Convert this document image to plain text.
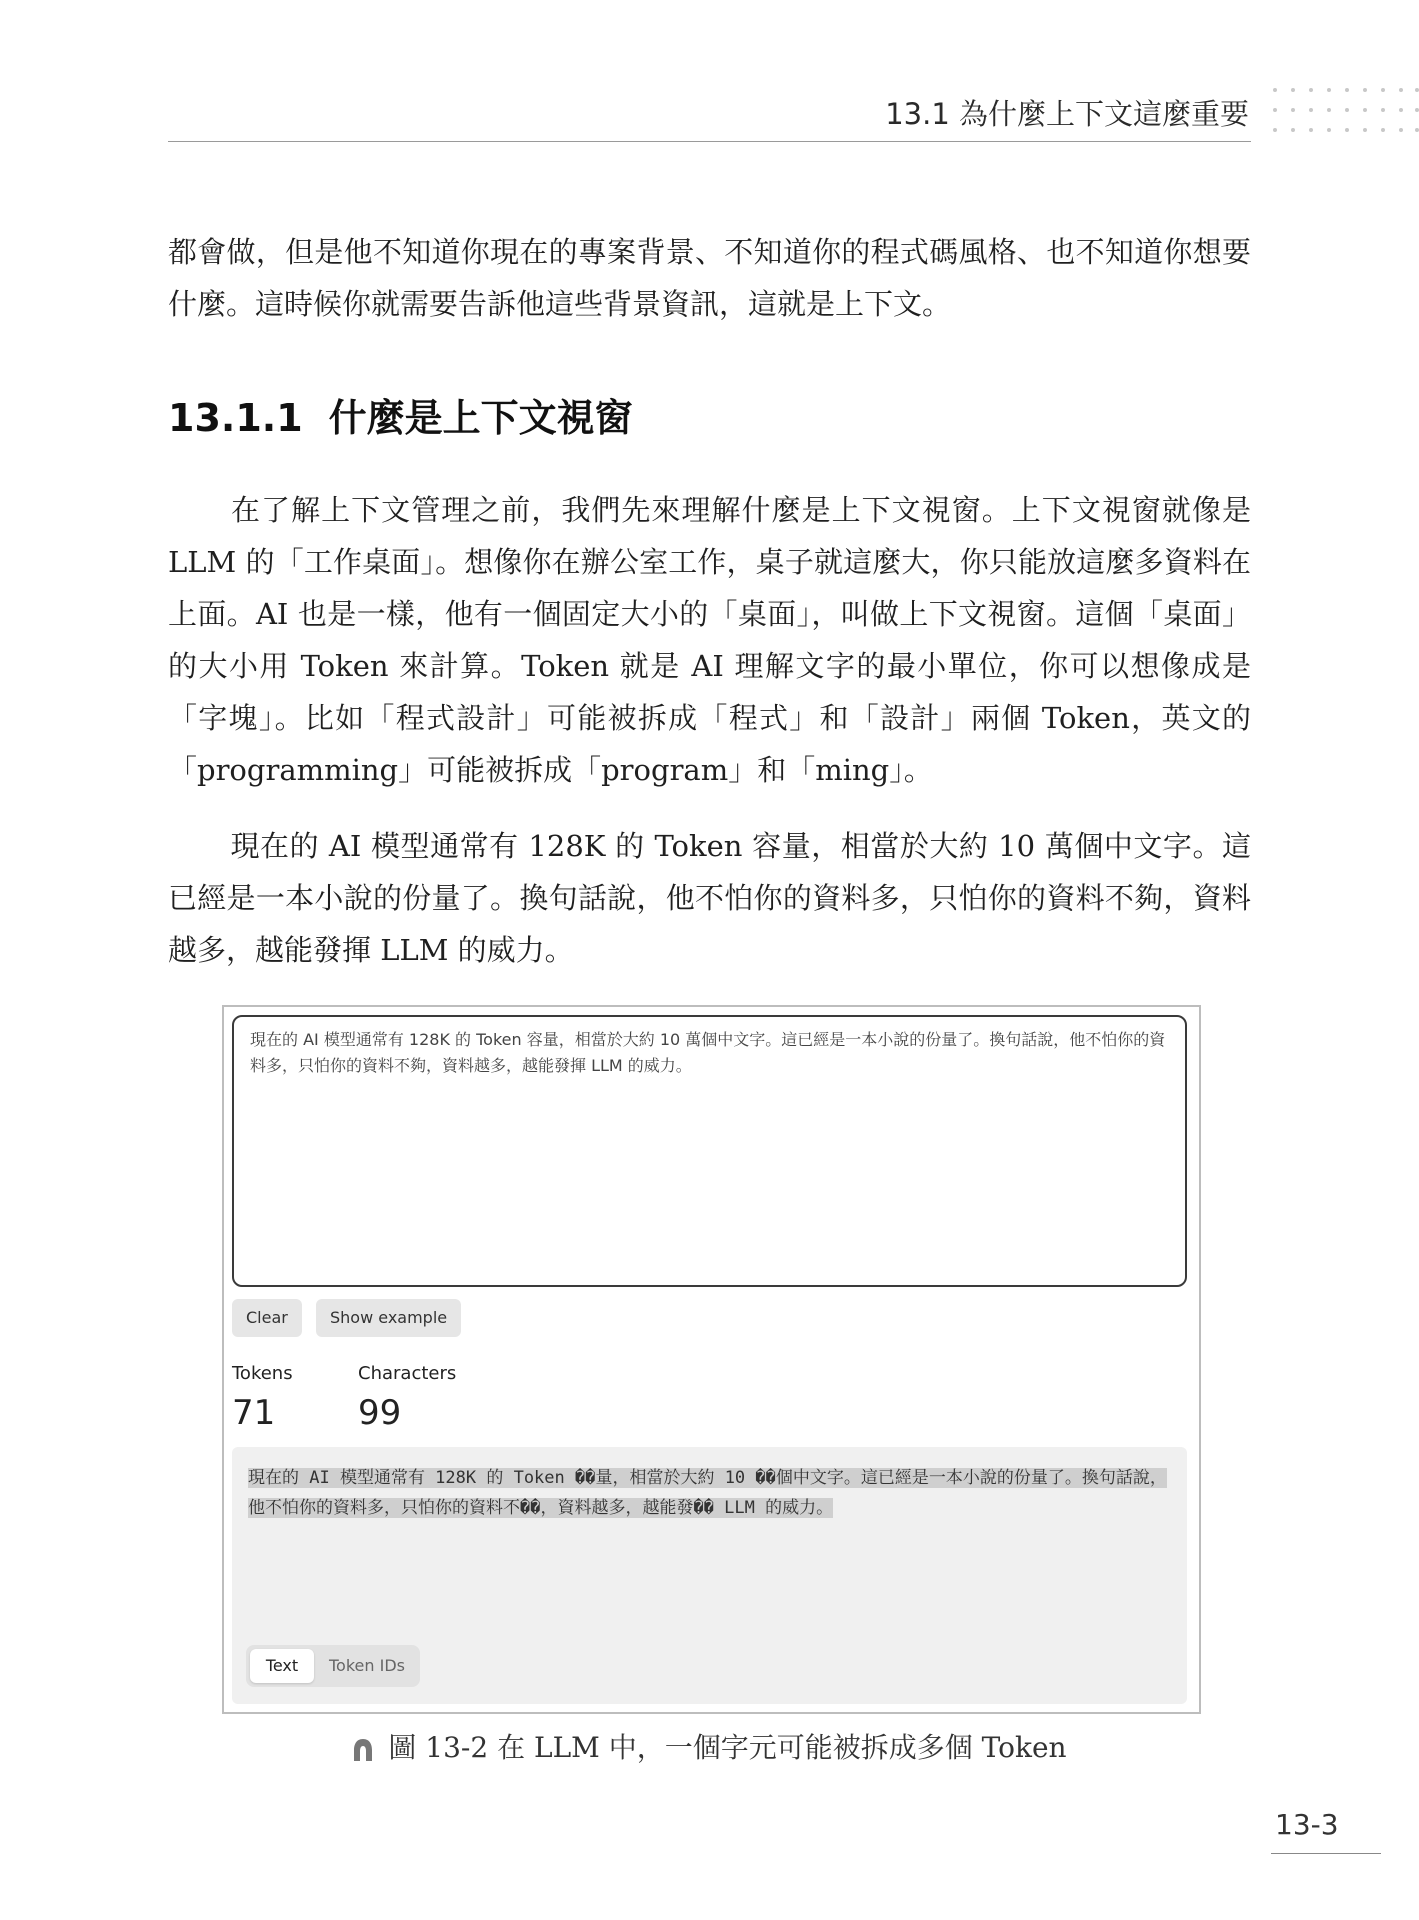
13.1 為什麼上下文這麼重要
都會做，但是他不知道你現在的專案背景、不知道你的程式碼風格、也不知道你想要什麼。這時候你就需要告訴他這些背景資訊，這就是上下文。
13.1.1 什麼是上下文視窗
在了解上下文管理之前，我們先來理解什麼是上下文視窗。上下文視窗就像是 LLM 的「工作桌面」。想像你在辦公室工作，桌子就這麼大，你只能放這麼多資料在上面。AI 也是一樣，他有一個固定大小的「桌面」，叫做上下文視窗。這個「桌面」的大小用 Token 來計算。Token 就是 AI 理解文字的最小單位，你可以想像成是「字塊」。比如「程式設計」可能被拆成「程式」和「設計」兩個 Token，英文的「programming」可能被拆成「program」和「ming」。
現在的 AI 模型通常有 128K 的 Token 容量，相當於大約 10 萬個中文字。這已經是一本小說的份量了。換句話說，他不怕你的資料多，只怕你的資料不夠，資料越多，越能發揮 LLM 的威力。
現在的 AI 模型通常有 128K 的 Token 容量，相當於大約 10 萬個中文字。這已經是一本小說的份量了。換句話說，他不怕你的資料多，只怕你的資料不夠，資料越多，越能發揮 LLM 的威力。
Clear	Show example
Tokens
71
Characters
99
現在的 AI 模型通常有 128K 的 Token ��量，相當於大約 10 ��個中文字。這已經是一本小說的份量了。換句話說，他不怕你的資料多，只怕你的資料不��，資料越多，越能發�� LLM 的威力。
Text	Token IDs
圖 13-2 在 LLM 中，一個字元可能被拆成多個 Token
13-3
